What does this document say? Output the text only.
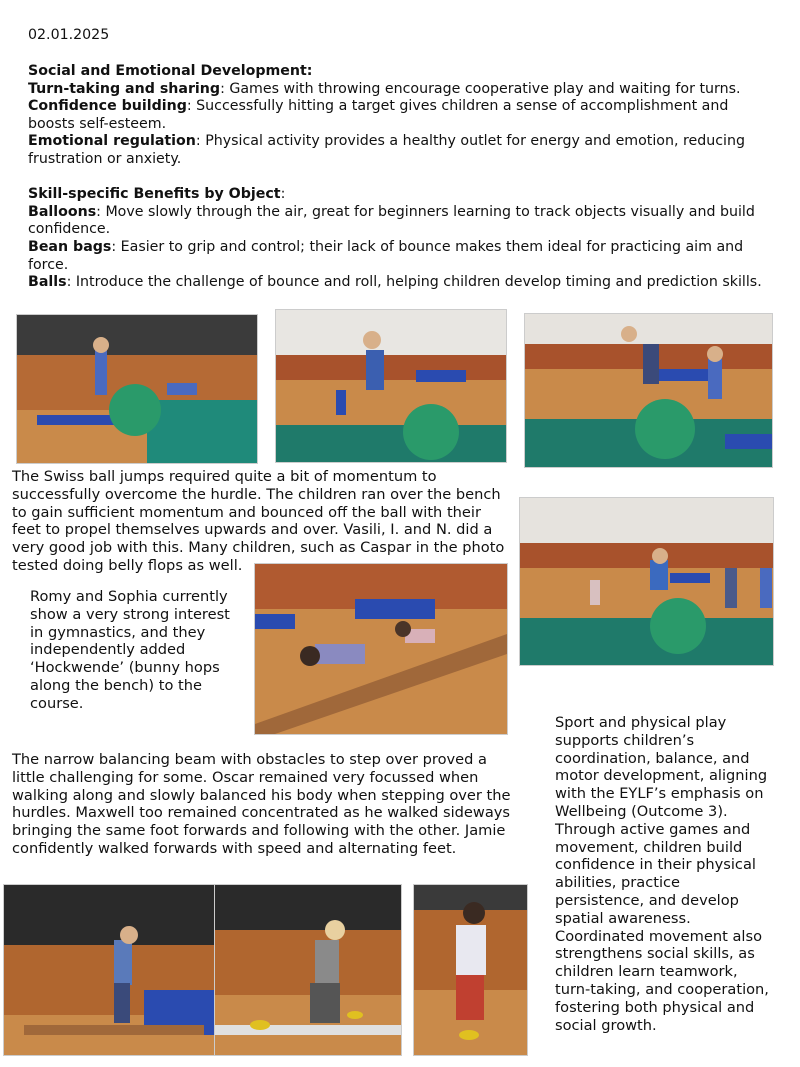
02.01.2025

Social and Emotional Development:

Turn-taking and sharing: Games with throwing encourage cooperative play and waiting for turns.

Confidence building: Successfully hitting a target gives children a sense of accomplishment and boosts self-esteem.

Emotional regulation: Physical activity provides a healthy outlet for energy and emotion, reducing frustration or anxiety.

Skill-specific Benefits by Object:

Balloons: Move slowly through the air, great for beginners learning to track objects visually and build confidence.

Bean bags: Easier to grip and control; their lack of bounce makes them ideal for practicing aim and force.

Balls: Introduce the challenge of bounce and roll, helping children develop timing and prediction skills.

The Swiss ball jumps required quite a bit of momentum to successfully overcome the hurdle. The children ran over the bench to gain sufficient momentum and bounced off the ball with their feet to propel themselves upwards and over. Vasili, I. and N. did a very good job with this. Many children, such as Caspar in the photo tested doing belly flops as well.
Romy and Sophia currently show a very strong interest in gymnastics, and they independently added ‘Hockwende’ (bunny hops along the bench) to the course.
The narrow balancing beam with obstacles to step over proved a little challenging for some. Oscar remained very focussed when walking along and slowly balanced his body when stepping over the hurdles. Maxwell too remained concentrated as he walked sideways bringing the same foot forwards and following with the other. Jamie confidently walked forwards with speed and alternating feet.
Sport and physical play supports children’s coordination, balance, and motor development, aligning with the EYLF’s emphasis on Wellbeing (Outcome 3). Through active games and movement, children build confidence in their physical abilities, practice persistence, and develop spatial awareness. Coordinated movement also strengthens social skills, as children learn teamwork, turn-taking, and cooperation, fostering both physical and social growth.
